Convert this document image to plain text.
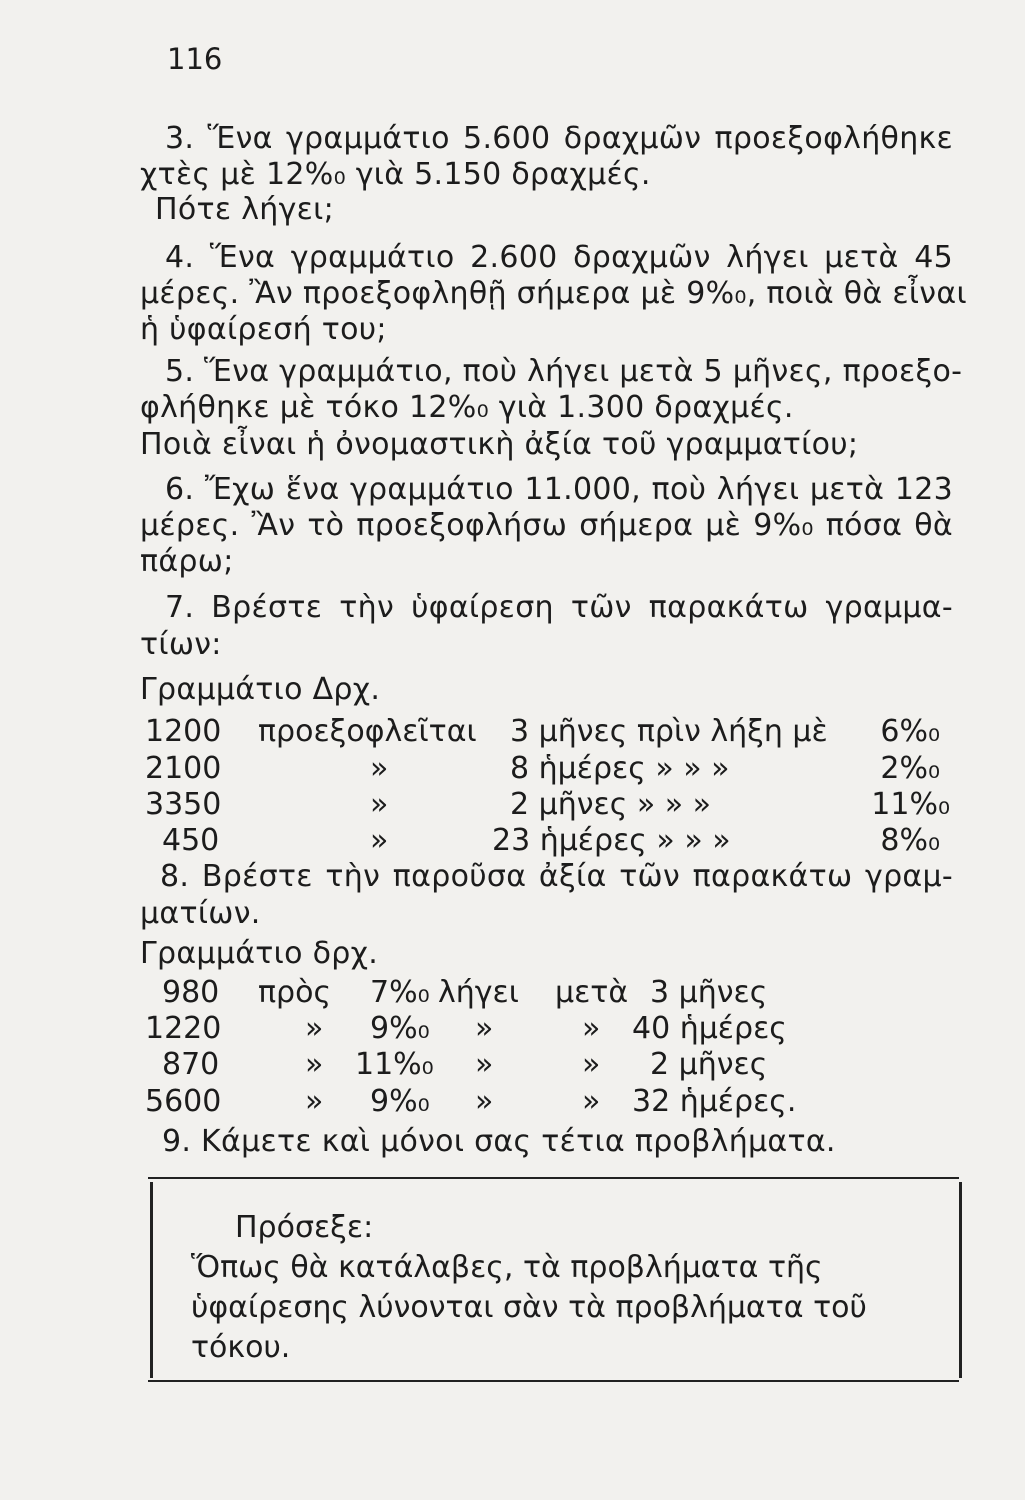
116
3. Ἕνα γραμμάτιο 5.600 δραχμῶν προεξοφλήθηκε
χτὲς μὲ 12%₀ γιὰ 5.150 δραχμές.
Πότε λήγει;
4. Ἕνα γραμμάτιο 2.600 δραχμῶν λήγει μετὰ 45
μέρες. Ἂν προεξοφληθῇ σήμερα μὲ 9%₀, ποιὰ θὰ εἶναι
ἡ ὑφαίρεσή του;
5. Ἕνα γραμμάτιο, ποὺ λήγει μετὰ 5 μῆνες, προεξο-
φλήθηκε μὲ τόκο 12%₀ γιὰ 1.300 δραχμές.
Ποιὰ εἶναι ἡ ὀνομαστικὴ ἀξία τοῦ γραμματίου;
6. Ἔχω ἕνα γραμμάτιο 11.000, ποὺ λήγει μετὰ 123
μέρες. Ἂν τὸ προεξοφλήσω σήμερα μὲ 9%₀ πόσα θὰ
πάρω;
7. Βρέστε τὴν ὑφαίρεση τῶν παρακάτω γραμμα-
τίων:
Γραμμάτιο Δρχ.
1200 προεξοφλεῖται 3 μῆνες πρὶν λήξη μὲ	6%₀
2100	»	8 ἡμέρες » » »	2%₀
3350	»	2 μῆνες » » »	11%₀
450	»	23 ἡμέρες » » »	8%₀
8. Βρέστε τὴν παροῦσα ἀξία τῶν παρακάτω γραμ-
ματίων.
Γραμμάτιο δρχ.
980 πρὸς 7%₀ λήγει μετὰ 3 μῆνες
1220	» 9%₀ »	» 40 ἡμέρες
870	» 11%₀ »	» 2 μῆνες
5600	» 9%₀ »	» 32 ἡμέρες.
9. Κάμετε καὶ μόνοι σας τέτια προβλήματα.
Πρόσεξε:
Ὅπως θὰ κατάλαβες, τὰ προβλήματα τῆς
ὑφαίρεσης λύνονται σὰν τὰ προβλήματα τοῦ
τόκου.
